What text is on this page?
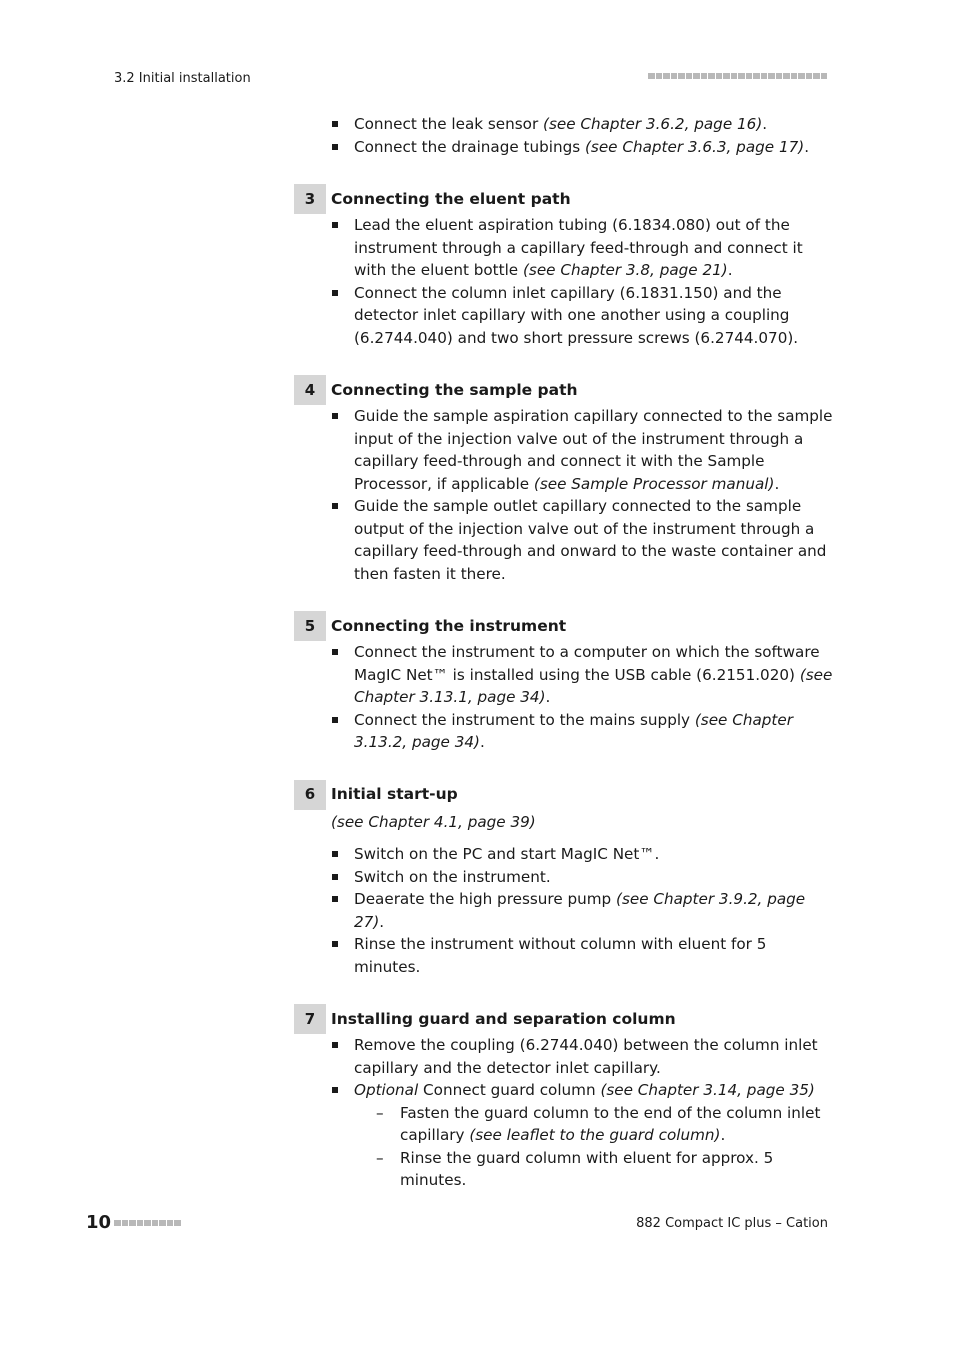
3.2 Initial installation
Connect the leak sensor (see Chapter 3.6.2, page 16).
Connect the drainage tubings (see Chapter 3.6.3, page 17).
3	Connecting the eluent path
Lead the eluent aspiration tubing (6.1834.080) out of the instrument through a capillary feed-through and connect it with the eluent bottle (see Chapter 3.8, page 21).
Connect the column inlet capillary (6.1831.150) and the detector inlet capillary with one another using a coupling (6.2744.040) and two short pressure screws (6.2744.070).
4	Connecting the sample path
Guide the sample aspiration capillary connected to the sample input of the injection valve out of the instrument through a capillary feed-through and connect it with the Sample Processor, if applicable (see Sample Processor manual).
Guide the sample outlet capillary connected to the sample output of the injection valve out of the instrument through a capillary feed-through and onward to the waste container and then fasten it there.
5	Connecting the instrument
Connect the instrument to a computer on which the software MagIC Net™ is installed using the USB cable (6.2151.020) (see Chapter 3.13.1, page 34).
Connect the instrument to the mains supply (see Chapter 3.13.2, page 34).
6	Initial start-up
(see Chapter 4.1, page 39)
Switch on the PC and start MagIC Net™.
Switch on the instrument.
Deaerate the high pressure pump (see Chapter 3.9.2, page 27).
Rinse the instrument without column with eluent for 5 minutes.
7	Installing guard and separation column
Remove the coupling (6.2744.040) between the column inlet capillary and the detector inlet capillary.
Optional Connect guard column (see Chapter 3.14, page 35)
– Fasten the guard column to the end of the column inlet capillary (see leaflet to the guard column).
– Rinse the guard column with eluent for approx. 5 minutes.
10	882 Compact IC plus – Cation
